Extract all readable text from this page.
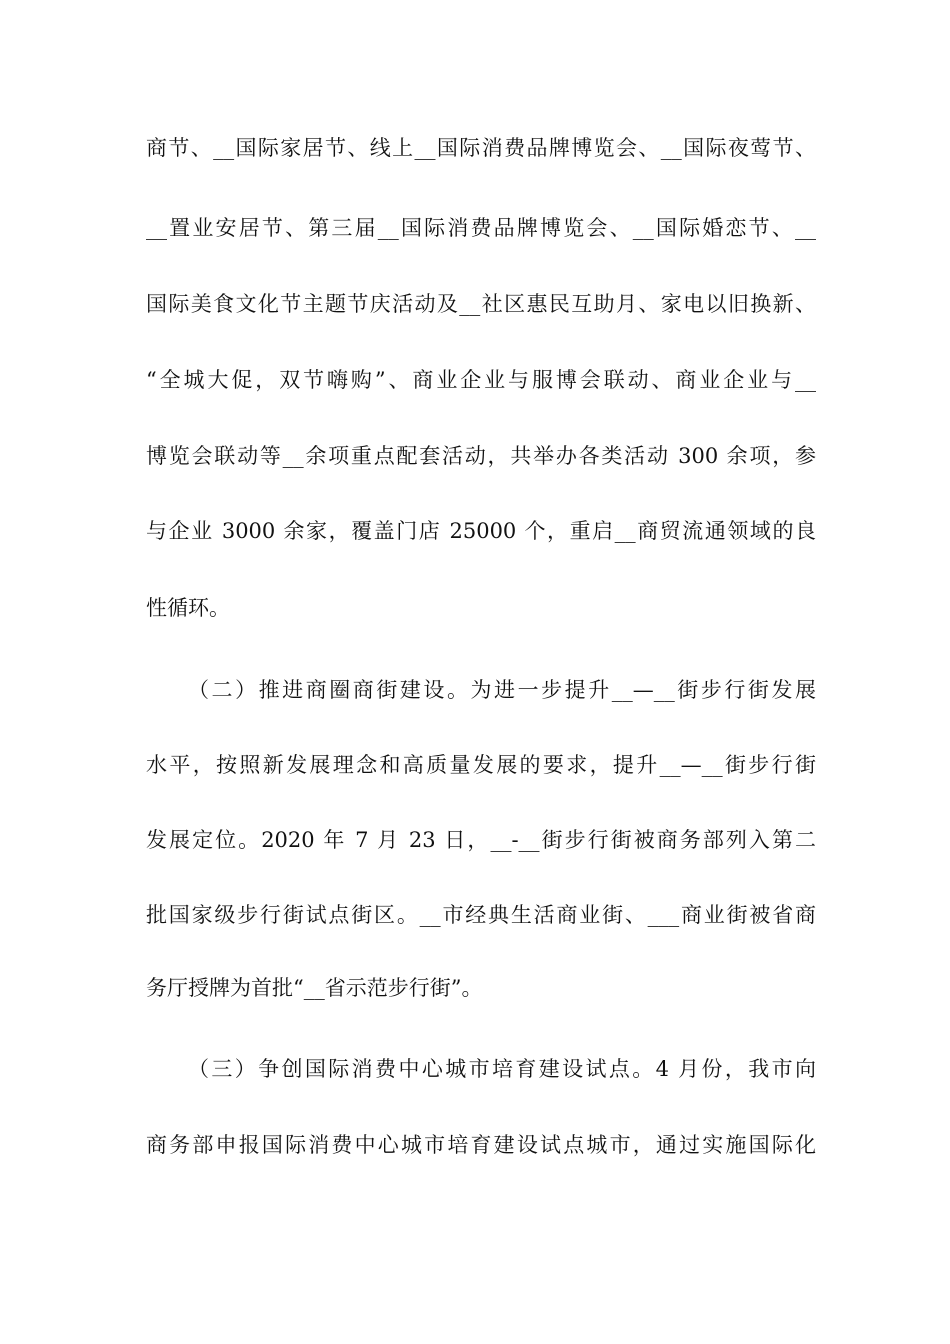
商节、__国际家居节、线上__国际消费品牌博览会、__国际夜莺节、
__置业安居节、第三届__国际消费品牌博览会、__国际婚恋节、__
国际美食文化节主题节庆活动及__社区惠民互助月、家电以旧换新、
“全城大促，双节嗨购”、商业企业与服博会联动、商业企业与__
博览会联动等__余项重点配套活动，共举办各类活动 300 余项，参
与企业 3000 余家，覆盖门店 25000 个，重启__商贸流通领域的良
性循环。
（二）推进商圈商街建设。为进一步提升__—__街步行街发展
水平，按照新发展理念和高质量发展的要求，提升__—__街步行街
发展定位。2020 年 7 月 23 日，__-__街步行街被商务部列入第二
批国家级步行街试点街区。__市经典生活商业街、___商业街被省商
务厅授牌为首批“__省示范步行街”。
（三）争创国际消费中心城市培育建设试点。4 月份，我市向
商务部申报国际消费中心城市培育建设试点城市，通过实施国际化
